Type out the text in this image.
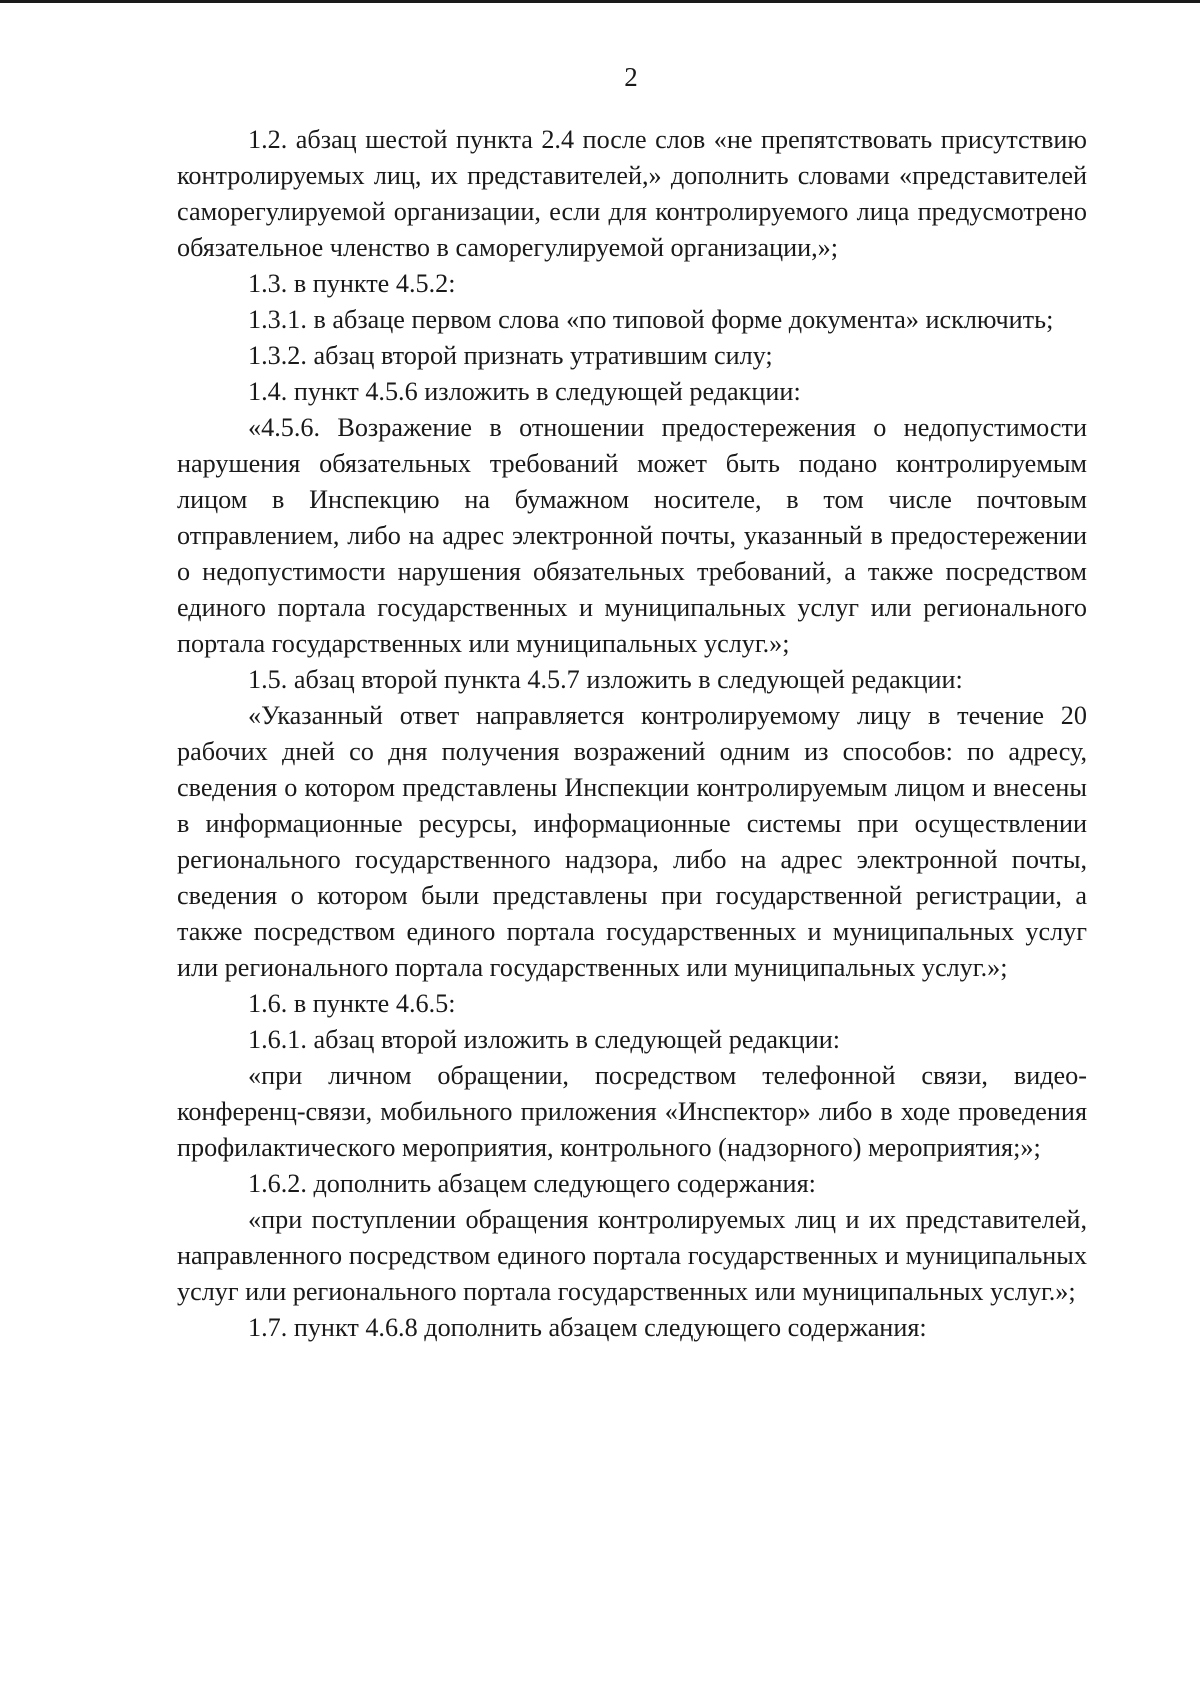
2

1.2. абзац шестой пункта 2.4 после слов «не препятствовать присутствию контролируемых лиц, их представителей,» дополнить словами «представителей саморегулируемой организации, если для контролируемого лица предусмотрено обязательное членство в саморегулируемой организации,»;

1.3. в пункте 4.5.2:

1.3.1. в абзаце первом слова «по типовой форме документа» исключить;

1.3.2. абзац второй признать утратившим силу;

1.4. пункт 4.5.6 изложить в следующей редакции:

«4.5.6. Возражение в отношении предостережения о недопустимости нарушения обязательных требований может быть подано контролируемым лицом в Инспекцию на бумажном носителе, в том числе почтовым отправлением, либо на адрес электронной почты, указанный в предостережении о недопустимости нарушения обязательных требований, а также посредством единого портала государственных и муниципальных услуг или регионального портала государственных или муниципальных услуг.»;

1.5. абзац второй пункта 4.5.7 изложить в следующей редакции:

«Указанный ответ направляется контролируемому лицу в течение 20 рабочих дней со дня получения возражений одним из способов: по адресу, сведения о котором представлены Инспекции контролируемым лицом и внесены в информационные ресурсы, информационные системы при осуществлении регионального государственного надзора, либо на адрес электронной почты, сведения о котором были представлены при государственной регистрации, а также посредством единого портала государственных и муниципальных услуг или регионального портала государственных или муниципальных услуг.»;

1.6. в пункте 4.6.5:

1.6.1. абзац второй изложить в следующей редакции:

«при личном обращении, посредством телефонной связи, видео-конференц-связи, мобильного приложения «Инспектор» либо в ходе проведения профилактического мероприятия, контрольного (надзорного) мероприятия;»;

1.6.2. дополнить абзацем следующего содержания:

«при поступлении обращения контролируемых лиц и их представителей, направленного посредством единого портала государственных и муниципальных услуг или регионального портала государственных или муниципальных услуг.»;

1.7. пункт 4.6.8 дополнить абзацем следующего содержания:
